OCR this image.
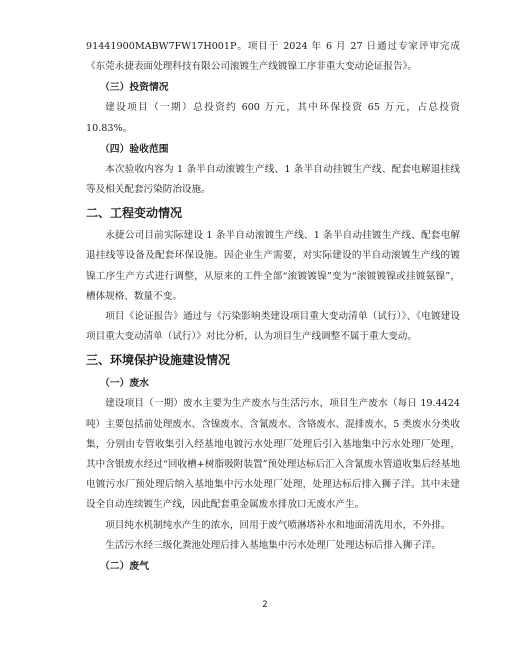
91441900MABW7FW17H001P。项目于 2024 年 6 月 27 日通过专家评审完成《东莞永捷表面处理科技有限公司滚镀生产线镀镍工序非重大变动论证报告》。

（三）投资情况

建设项目（一期）总投资约 600 万元，其中环保投资 65 万元，占总投资 10.83%。

（四）验收范围

本次验收内容为 1 条半自动滚镀生产线、1 条半自动挂镀生产线、配套电解退挂线等及相关配套污染防治设施。

二、工程变动情况

永捷公司目前实际建设 1 条半自动滚镀生产线、1 条半自动挂镀生产线、配套电解退挂线等设备及配套环保设施。因企业生产需要，对实际建设的半自动滚镀生产线的镀镍工序生产方式进行调整，从原来的工件全部“滚镀镀镍”变为“滚镀镀镍或挂镀氨镍”，槽体规格、数量不变。

项目《论证报告》通过与《污染影响类建设项目重大变动清单（试行）》、《电镀建设项目重大变动清单（试行）》对比分析，认为项目生产线调整不属于重大变动。

三、环境保护设施建设情况
（一）废水

建设项目（一期）废水主要为生产废水与生活污水，项目生产废水（每日 19.4424 吨）主要包括前处理废水、含镍废水、含氰废水、含铬废水、混排废水，5 类废水分类收集，分别由专管收集引入经基地电镀污水处理厂处理后引入基地集中污水处理厂处理，其中含银废水经过“回收槽+树脂吸附装置”预处理达标后汇入含氰废水管道收集后经基地电镀污水厂预处理后纳入基地集中污水处理厂处理，处理达标后排入狮子洋。其中未建设全自动连续镀生产线，因此配套重金属废水排放口无废水产生。

项目纯水机制纯水产生的浓水，回用于废气喷淋塔补水和地面清洗用水，不外排。

生活污水经三级化粪池处理后排入基地集中污水处理厂处理达标后排入狮子洋。

（二）废气
2
